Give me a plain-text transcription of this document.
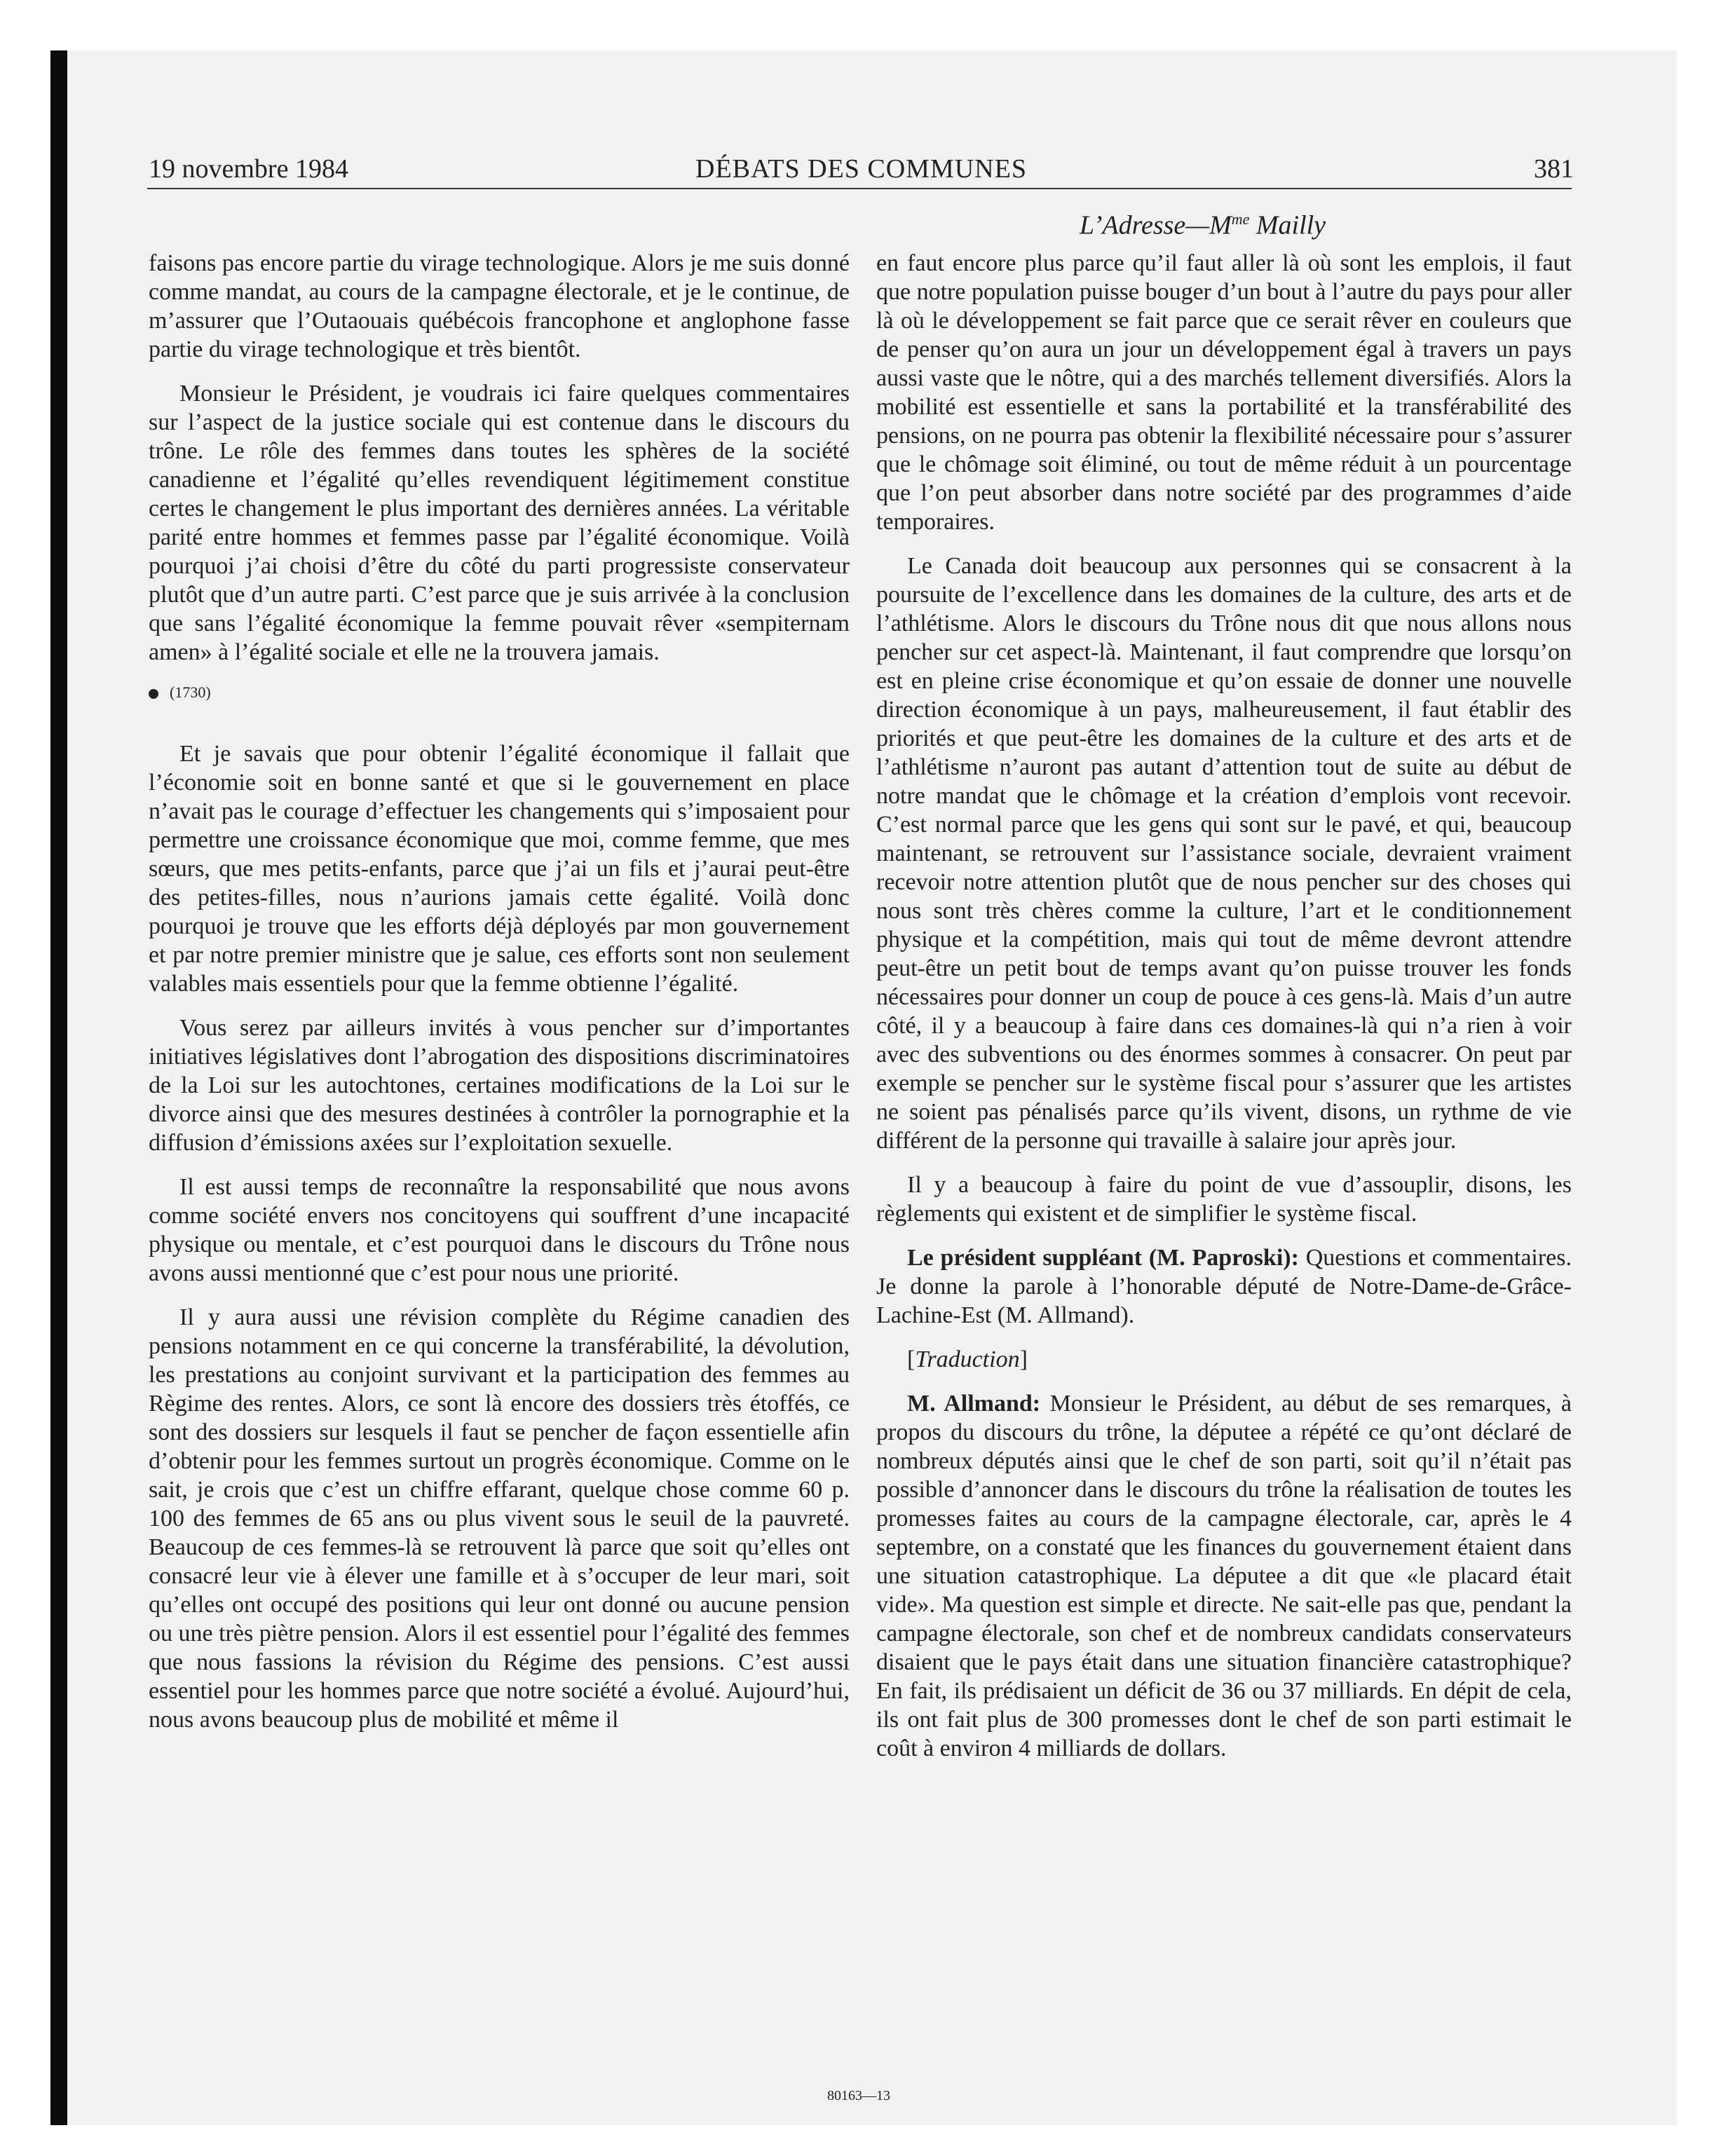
19 novembre 1984	DÉBATS DES COMMUNES	381
$L’Adresse—M^{me}$ Mailly

faisons pas encore partie du virage technologique. Alors je me suis donné comme mandat, au cours de la campagne électorale, et je le continue, de m’assurer que l’Outaouais québécois francophone et anglophone fasse partie du virage technologique et très bientôt.

Monsieur le Président, je voudrais ici faire quelques commentaires sur l’aspect de la justice sociale qui est contenue dans le discours du trône. Le rôle des femmes dans toutes les sphères de la société canadienne et l’égalité qu’elles revendiquent légitimement constitue certes le changement le plus important des dernières années. La véritable parité entre hommes et femmes passe par l’égalité économique. Voilà pourquoi j’ai choisi d’être du côté du parti progressiste conservateur plutôt que d’un autre parti. C’est parce que je suis arrivée à la conclusion que sans l’égalité économique la femme pouvait rêver «sempiternam amen» à l’égalité sociale et elle ne la trouvera jamais.

(1730)

Et je savais que pour obtenir l’égalité économique il fallait que l’économie soit en bonne santé et que si le gouvernement en place n’avait pas le courage d’effectuer les changements qui s’imposaient pour permettre une croissance économique que moi, comme femme, que mes sœurs, que mes petits-enfants, parce que j’ai un fils et j’aurai peut-être des petites-filles, nous n’aurions jamais cette égalité. Voilà donc pourquoi je trouve que les efforts déjà déployés par mon gouvernement et par notre premier ministre que je salue, ces efforts sont non seulement valables mais essentiels pour que la femme obtienne l’égalité.

Vous serez par ailleurs invités à vous pencher sur d’importantes initiatives législatives dont l’abrogation des dispositions discriminatoires de la Loi sur les autochtones, certaines modifications de la Loi sur le divorce ainsi que des mesures destinées à contrôler la pornographie et la diffusion d’émissions axées sur l’exploitation sexuelle.

Il est aussi temps de reconnaître la responsabilité que nous avons comme société envers nos concitoyens qui souffrent d’une incapacité physique ou mentale, et c’est pourquoi dans le discours du Trône nous avons aussi mentionné que c’est pour nous une priorité.

Il y aura aussi une révision complète du Régime canadien des pensions notamment en ce qui concerne la transférabilité, la dévolution, les prestations au conjoint survivant et la participation des femmes au Règime des rentes. Alors, ce sont là encore des dossiers très étoffés, ce sont des dossiers sur lesquels il faut se pencher de façon essentielle afin d’obtenir pour les femmes surtout un progrès économique. Comme on le sait, je crois que c’est un chiffre effarant, quelque chose comme 60 p. 100 des femmes de 65 ans ou plus vivent sous le seuil de la pauvreté. Beaucoup de ces femmes-là se retrouvent là parce que soit qu’elles ont consacré leur vie à élever une famille et à s’occuper de leur mari, soit qu’elles ont occupé des positions qui leur ont donné ou aucune pension ou une très piètre pension. Alors il est essentiel pour l’égalité des femmes que nous fassions la révision du Régime des pensions. C’est aussi essentiel pour les hommes parce que notre société a évolué. Aujourd’hui, nous avons beaucoup plus de mobilité et même il

en faut encore plus parce qu’il faut aller là où sont les emplois, il faut que notre population puisse bouger d’un bout à l’autre du pays pour aller là où le développement se fait parce que ce serait rêver en couleurs que de penser qu’on aura un jour un développement égal à travers un pays aussi vaste que le nôtre, qui a des marchés tellement diversifiés. Alors la mobilité est essentielle et sans la portabilité et la transférabilité des pensions, on ne pourra pas obtenir la flexibilité nécessaire pour s’assurer que le chômage soit éliminé, ou tout de même réduit à un pourcentage que l’on peut absorber dans notre société par des programmes d’aide temporaires.

Le Canada doit beaucoup aux personnes qui se consacrent à la poursuite de l’excellence dans les domaines de la culture, des arts et de l’athlétisme. Alors le discours du Trône nous dit que nous allons nous pencher sur cet aspect-là. Maintenant, il faut comprendre que lorsqu’on est en pleine crise économique et qu’on essaie de donner une nouvelle direction économique à un pays, malheureusement, il faut établir des priorités et que peut-être les domaines de la culture et des arts et de l’athlétisme n’auront pas autant d’attention tout de suite au début de notre mandat que le chômage et la création d’emplois vont recevoir. C’est normal parce que les gens qui sont sur le pavé, et qui, beaucoup maintenant, se retrouvent sur l’assistance sociale, devraient vraiment recevoir notre attention plutôt que de nous pencher sur des choses qui nous sont très chères comme la culture, l’art et le conditionnement physique et la compétition, mais qui tout de même devront attendre peut-être un petit bout de temps avant qu’on puisse trouver les fonds nécessaires pour donner un coup de pouce à ces gens-là. Mais d’un autre côté, il y a beaucoup à faire dans ces domaines-là qui n’a rien à voir avec des subventions ou des énormes sommes à consacrer. On peut par exemple se pencher sur le système fiscal pour s’assurer que les artistes ne soient pas pénalisés parce qu’ils vivent, disons, un rythme de vie différent de la personne qui travaille à salaire jour après jour.

Il y a beaucoup à faire du point de vue d’assouplir, disons, les règlements qui existent et de simplifier le système fiscal.

Le président suppléant (M. Paproski): Questions et commentaires. Je donne la parole à l’honorable député de Notre-Dame-de-Grâce-Lachine-Est (M. Allmand).

[Traduction]

M. Allmand: Monsieur le Président, au début de ses remarques, à propos du discours du trône, la députee a répété ce qu’ont déclaré de nombreux députés ainsi que le chef de son parti, soit qu’il n’était pas possible d’annoncer dans le discours du trône la réalisation de toutes les promesses faites au cours de la campagne électorale, car, après le 4 septembre, on a constaté que les finances du gouvernement étaient dans une situation catastrophique. La députee a dit que «le placard était vide». Ma question est simple et directe. Ne sait-elle pas que, pendant la campagne électorale, son chef et de nombreux candidats conservateurs disaient que le pays était dans une situation financière catastrophique? En fait, ils prédisaient un déficit de 36 ou 37 milliards. En dépit de cela, ils ont fait plus de 300 promesses dont le chef de son parti estimait le coût à environ 4 milliards de dollars.

80163—13
